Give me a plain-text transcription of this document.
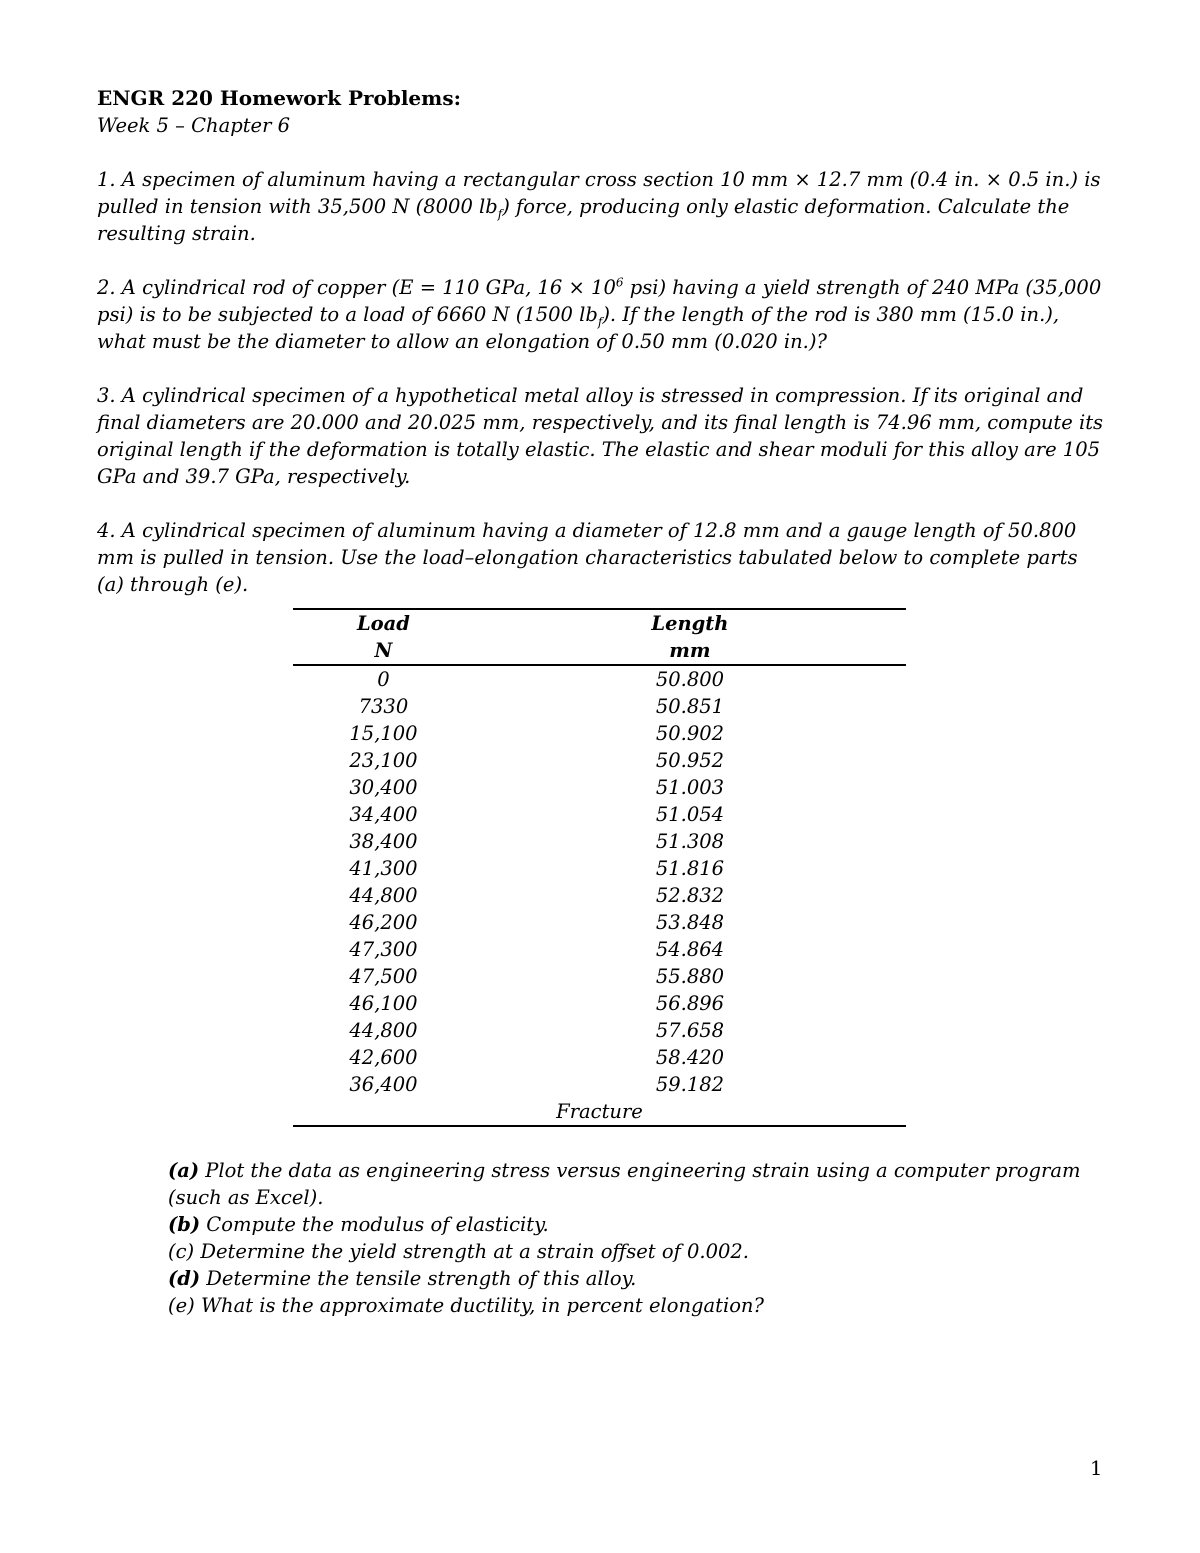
ENGR 220 Homework Problems:

Week 5 – Chapter 6

1. A specimen of aluminum having a rectangular cross section 10 mm × 12.7 mm (0.4 in. × 0.5 in.) is pulled in tension with 35,500 N (8000 $lb_f$) force, producing only elastic deformation. Calculate the resulting strain.

2. A cylindrical rod of copper (E = 110 GPa, $16 \times 10^6$ psi) having a yield strength of 240 MPa (35,000 psi) is to be subjected to a load of 6660 N (1500 $lb_f$). If the length of the rod is 380 mm (15.0 in.), what must be the diameter to allow an elongation of 0.50 mm (0.020 in.)?

3. A cylindrical specimen of a hypothetical metal alloy is stressed in compression. If its original and final diameters are 20.000 and 20.025 mm, respectively, and its final length is 74.96 mm, compute its original length if the deformation is totally elastic. The elastic and shear moduli for this alloy are 105 GPa and 39.7 GPa, respectively.

4. A cylindrical specimen of aluminum having a diameter of 12.8 mm and a gauge length of 50.800 mm is pulled in tension. Use the load–elongation characteristics tabulated below to complete parts (a) through (e).

Load	Length
N	mm
0	50.800
7330	50.851
15,100	50.902
23,100	50.952
30,400	51.003
34,400	51.054
38,400	51.308
41,300	51.816
44,800	52.832
46,200	53.848
47,300	54.864
47,500	55.880
46,100	56.896
44,800	57.658
42,600	58.420
36,400	59.182
Fracture	

(a) Plot the data as engineering stress versus engineering strain using a computer program (such as Excel).

(b) Compute the modulus of elasticity.

(c) Determine the yield strength at a strain offset of 0.002.

(d) Determine the tensile strength of this alloy.

(e) What is the approximate ductility, in percent elongation?

1
